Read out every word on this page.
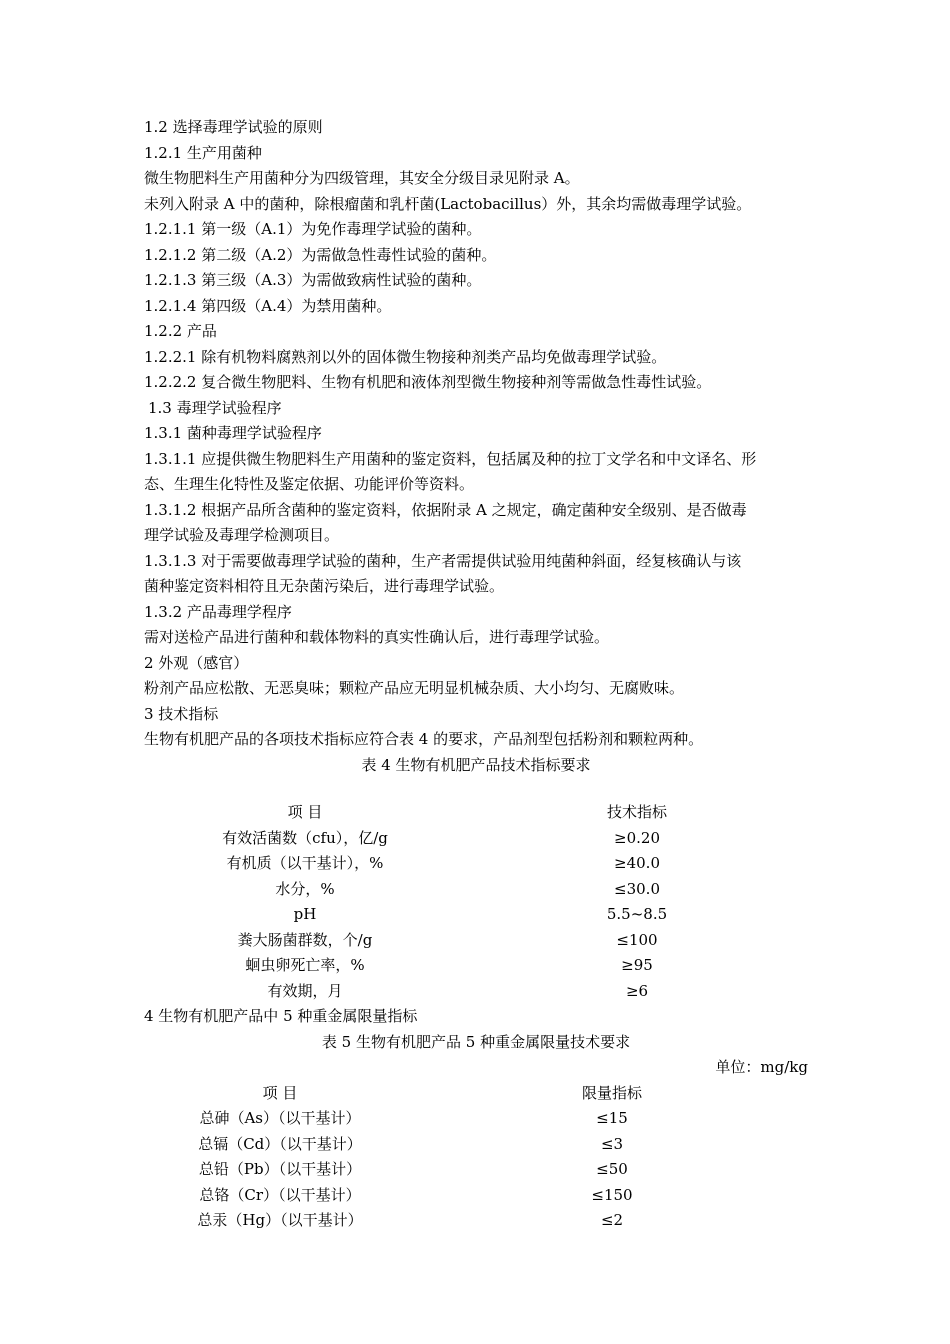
1.2 选择毒理学试验的原则
1.2.1 生产用菌种
微生物肥料生产用菌种分为四级管理，其安全分级目录见附录 A。
未列入附录 A 中的菌种，除根瘤菌和乳杆菌(Lactobacillus）外，其余均需做毒理学试验。
1.2.1.1 第一级（A.1）为免作毒理学试验的菌种。
1.2.1.2 第二级（A.2）为需做急性毒性试验的菌种。
1.2.1.3 第三级（A.3）为需做致病性试验的菌种。
1.2.1.4 第四级（A.4）为禁用菌种。
1.2.2 产品
1.2.2.1 除有机物料腐熟剂以外的固体微生物接种剂类产品均免做毒理学试验。
1.2.2.2 复合微生物肥料、生物有机肥和液体剂型微生物接种剂等需做急性毒性试验。
1.3 毒理学试验程序
1.3.1 菌种毒理学试验程序
1.3.1.1 应提供微生物肥料生产用菌种的鉴定资料，包括属及种的拉丁文学名和中文译名、形
态、生理生化特性及鉴定依据、功能评价等资料。
1.3.1.2 根据产品所含菌种的鉴定资料，依据附录 A 之规定，确定菌种安全级别、是否做毒
理学试验及毒理学检测项目。
1.3.1.3 对于需要做毒理学试验的菌种，生产者需提供试验用纯菌种斜面，经复核确认与该
菌种鉴定资料相符且无杂菌污染后，进行毒理学试验。
1.3.2 产品毒理学程序
需对送检产品进行菌种和载体物料的真实性确认后，进行毒理学试验。
2 外观（感官）
粉剂产品应松散、无恶臭味；颗粒产品应无明显机械杂质、大小均匀、无腐败味。
3 技术指标
生物有机肥产品的各项技术指标应符合表 4 的要求，产品剂型包括粉剂和颗粒两种。
表 4 生物有机肥产品技术指标要求
项 目	技术指标
有效活菌数（cfu），亿/g	≥0.20
有机质（以干基计），%	≥40.0
水分，%	≤30.0
pH	5.5~8.5
粪大肠菌群数，个/g	≤100
蛔虫卵死亡率，%	≥95
有效期，月	≥6
4 生物有机肥产品中 5 种重金属限量指标
表 5 生物有机肥产品 5 种重金属限量技术要求
单位：mg/kg
项 目	限量指标
总砷（As）（以干基计）	≤15
总镉（Cd）（以干基计）	≤3
总铅（Pb）（以干基计）	≤50
总铬（Cr）（以干基计）	≤150
总汞（Hg）（以干基计）	≤2
